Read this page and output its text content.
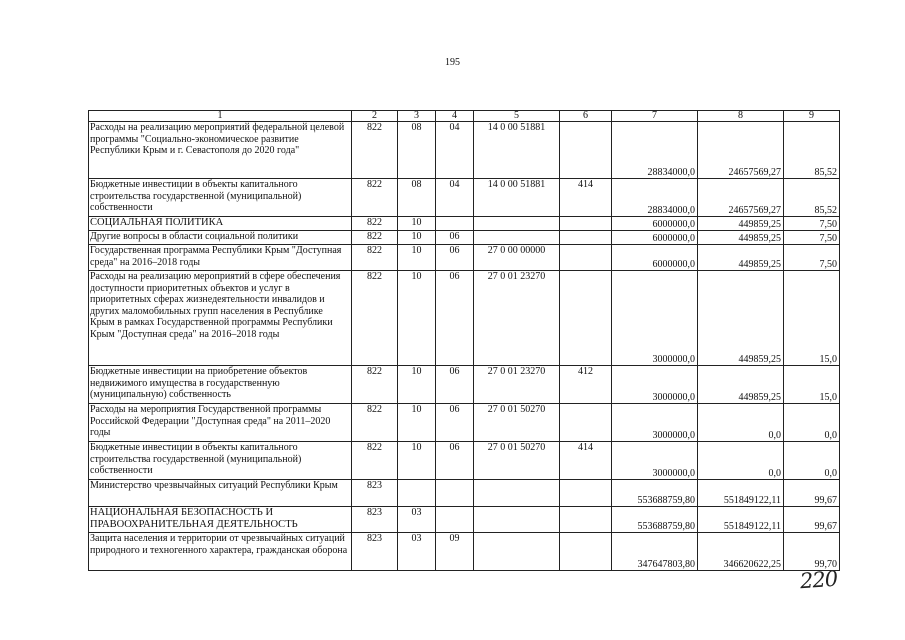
195
1	2	3	4	5	6	7	8	9
Расходы на реализацию мероприятий федеральной целевой программы "Социально-экономическое развитие Республики Крым и г. Севастополя до 2020 года"	822	08	04	14 0 00 51881		28834000,0	24657569,27	85,52
Бюджетные инвестиции в объекты капитального строительства государственной (муниципальной) собственности	822	08	04	14 0 00 51881	414	28834000,0	24657569,27	85,52
СОЦИАЛЬНАЯ ПОЛИТИКА	822	10				6000000,0	449859,25	7,50
Другие вопросы в области социальной политики	822	10	06			6000000,0	449859,25	7,50
Государственная программа Республики Крым "Доступная среда" на 2016–2018 годы	822	10	06	27 0 00 00000		6000000,0	449859,25	7,50
Расходы на реализацию мероприятий в сфере обеспечения доступности приоритетных объектов и услуг в приоритетных сферах жизнедеятельности инвалидов и других маломобильных групп населения в Республике Крым в рамках Государственной программы Республики Крым "Доступная среда" на 2016–2018 годы	822	10	06	27 0 01 23270		3000000,0	449859,25	15,0
Бюджетные инвестиции на приобретение объектов недвижимого имущества в государственную (муниципальную) собственность	822	10	06	27 0 01 23270	412	3000000,0	449859,25	15,0
Расходы на мероприятия Государственной программы Российской Федерации "Доступная среда" на 2011–2020 годы	822	10	06	27 0 01 50270		3000000,0	0,0	0,0
Бюджетные инвестиции в объекты капитального строительства государственной (муниципальной) собственности	822	10	06	27 0 01 50270	414	3000000,0	0,0	0,0
Министерство чрезвычайных ситуаций Республики Крым	823					553688759,80	551849122,11	99,67
НАЦИОНАЛЬНАЯ БЕЗОПАСНОСТЬ И ПРАВООХРАНИТЕЛЬНАЯ ДЕЯТЕЛЬНОСТЬ	823	03				553688759,80	551849122,11	99,67
Защита населения и территории от чрезвычайных ситуаций природного и техногенного характера, гражданская оборона	823	03	09			347647803,80	346620622,25	99,70
220
